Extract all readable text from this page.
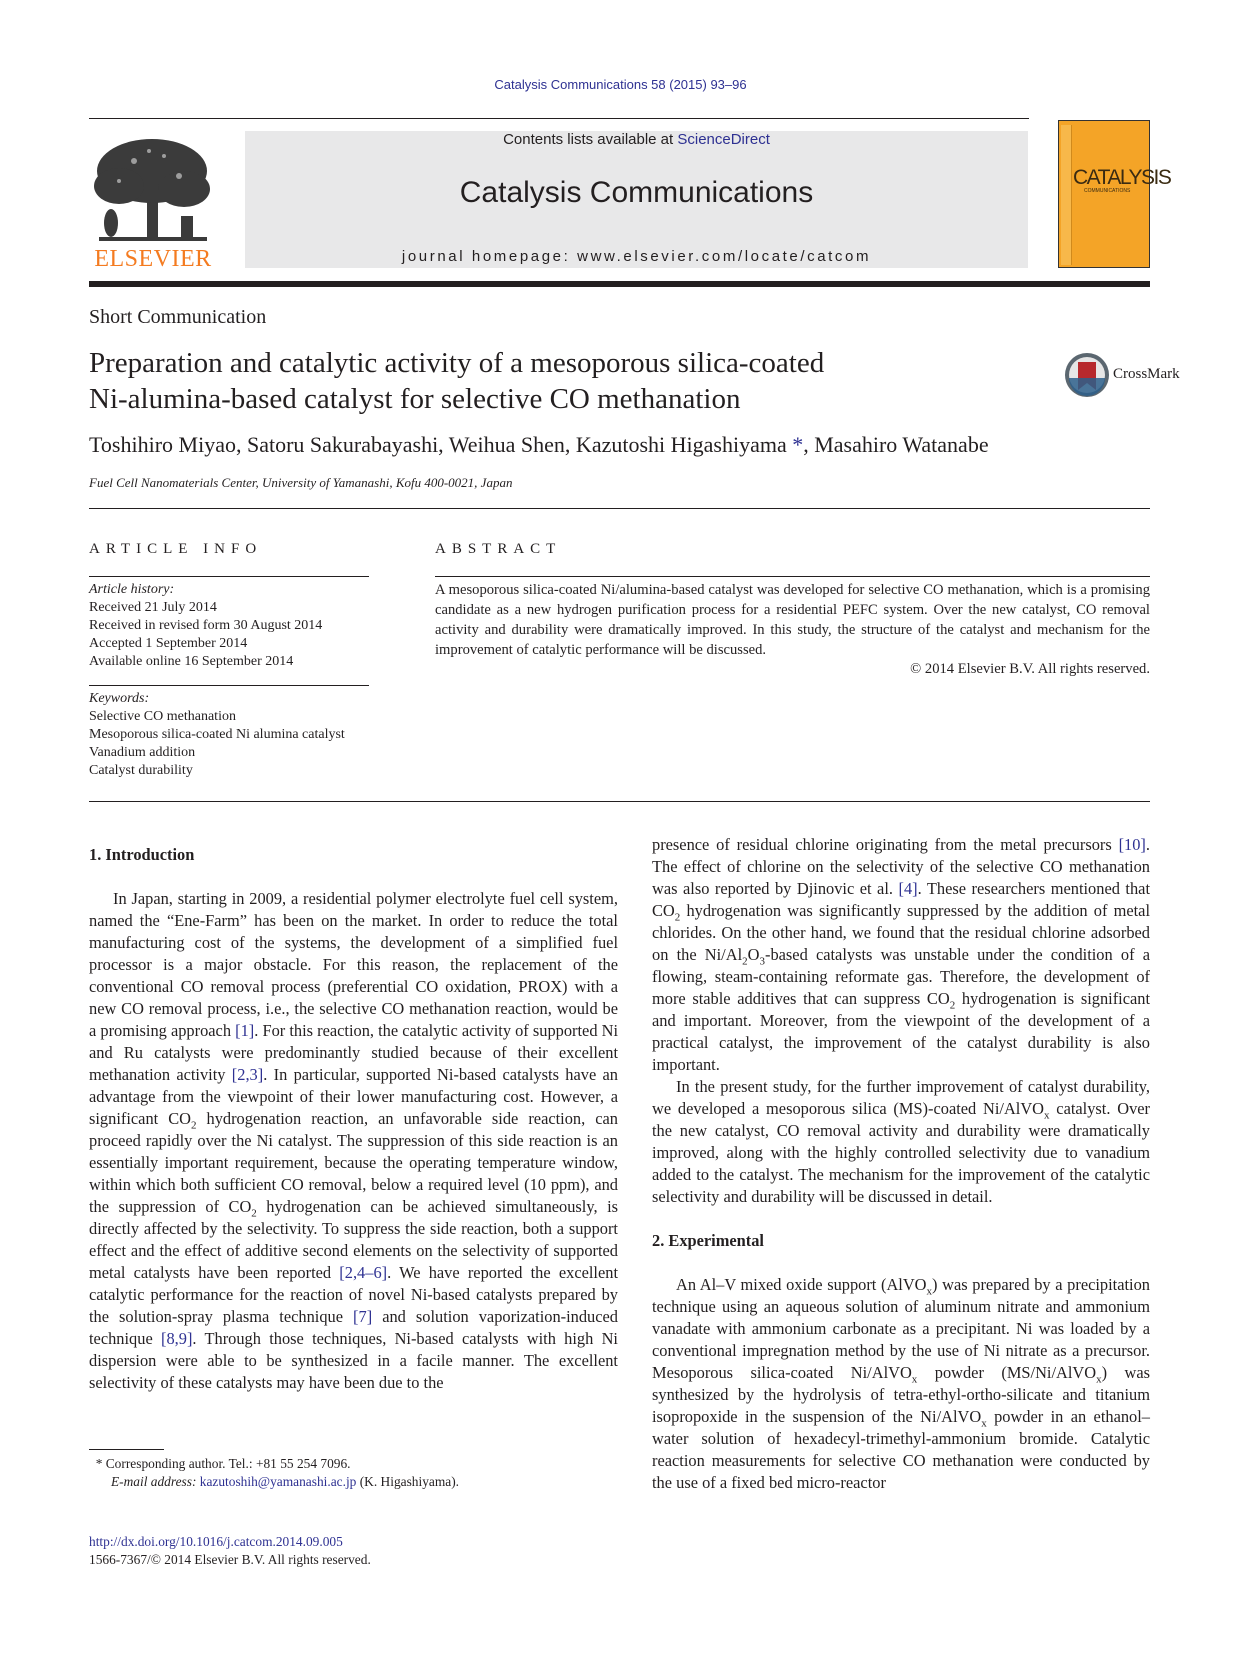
Catalysis Communications 58 (2015) 93–96
ELSEVIER
Contents lists available at ScienceDirect
Catalysis Communications
journal homepage: www.elsevier.com/locate/catcom
CATALYSIS
COMMUNICATIONS
Short Communication
Preparation and catalytic activity of a mesoporous silica-coated
Ni-alumina-based catalyst for selective CO methanation
CrossMark
Toshihiro Miyao, Satoru Sakurabayashi, Weihua Shen, Kazutoshi Higashiyama *, Masahiro Watanabe
Fuel Cell Nanomaterials Center, University of Yamanashi, Kofu 400-0021, Japan
ARTICLE INFO	ABSTRACT
Article history:
Received 21 July 2014
Received in revised form 30 August 2014
Accepted 1 September 2014
Available online 16 September 2014
Keywords:
Selective CO methanation
Mesoporous silica-coated Ni alumina catalyst
Vanadium addition
Catalyst durability
A mesoporous silica-coated Ni/alumina-based catalyst was developed for selective CO methanation, which is a promising candidate as a new hydrogen purification process for a residential PEFC system. Over the new catalyst, CO removal activity and durability were dramatically improved. In this study, the structure of the catalyst and mechanism for the improvement of catalytic performance will be discussed.
© 2014 Elsevier B.V. All rights reserved.

1. Introduction

In Japan, starting in 2009, a residential polymer electrolyte fuel cell system, named the “Ene-Farm” has been on the market. In order to reduce the total manufacturing cost of the systems, the development of a simplified fuel processor is a major obstacle. For this reason, the replacement of the conventional CO removal process (preferential CO oxidation, PROX) with a new CO removal process, i.e., the selective CO methanation reaction, would be a promising approach [1]. For this reaction, the catalytic activity of supported Ni and Ru catalysts were predominantly studied because of their excellent methanation activity [2,3]. In particular, supported Ni-based catalysts have an advantage from the viewpoint of their lower manufacturing cost. However, a significant $CO_2$ hydrogenation reaction, an unfavorable side reaction, can proceed rapidly over the Ni catalyst. The suppression of this side reaction is an essentially important requirement, because the operating temperature window, within which both sufficient CO removal, below a required level (10 ppm), and the suppression of $CO_2$ hydrogenation can be achieved simultaneously, is directly affected by the selectivity. To suppress the side reaction, both a support effect and the effect of additive second elements on the selectivity of supported metal catalysts have been reported [2,4–6]. We have reported the excellent catalytic performance for the reaction of novel Ni-based catalysts prepared by the solution-spray plasma technique [7] and solution vaporization-induced technique [8,9]. Through those techniques, Ni-based catalysts with high Ni dispersion were able to be synthesized in a facile manner. The excellent selectivity of these catalysts may have been due to the

presence of residual chlorine originating from the metal precursors [10]. The effect of chlorine on the selectivity of the selective CO methanation was also reported by Djinovic et al. [4]. These researchers mentioned that $CO_2$ hydrogenation was significantly suppressed by the addition of metal chlorides. On the other hand, we found that the residual chlorine adsorbed on the $Ni/Al_2O_3$-based catalysts was unstable under the condition of a flowing, steam-containing reformate gas. Therefore, the development of more stable additives that can suppress $CO_2$ hydrogenation is significant and important. Moreover, from the viewpoint of the development of a practical catalyst, the improvement of the catalyst durability is also important.

In the present study, for the further improvement of catalyst durability, we developed a mesoporous silica (MS)-coated Ni/AlVO$_x$ catalyst. Over the new catalyst, CO removal activity and durability were dramatically improved, along with the highly controlled selectivity due to vanadium added to the catalyst. The mechanism for the improvement of the catalytic selectivity and durability will be discussed in detail.

2. Experimental

An Al–V mixed oxide support (AlVO$_x$) was prepared by a precipitation technique using an aqueous solution of aluminum nitrate and ammonium vanadate with ammonium carbonate as a precipitant. Ni was loaded by a conventional impregnation method by the use of Ni nitrate as a precursor. Mesoporous silica-coated Ni/AlVO$_x$ powder (MS/Ni/AlVO$_x$) was synthesized by the hydrolysis of tetra-ethyl-ortho-silicate and titanium isopropoxide in the suspension of the Ni/AlVO$_x$ powder in an ethanol–water solution of hexadecyl-trimethyl-ammonium bromide. Catalytic reaction measurements for selective CO methanation were conducted by the use of a fixed bed micro-reactor

* Corresponding author. Tel.: +81 55 254 7096.
E-mail address: kazutoshih@yamanashi.ac.jp (K. Higashiyama).
http://dx.doi.org/10.1016/j.catcom.2014.09.005
1566-7367/© 2014 Elsevier B.V. All rights reserved.
